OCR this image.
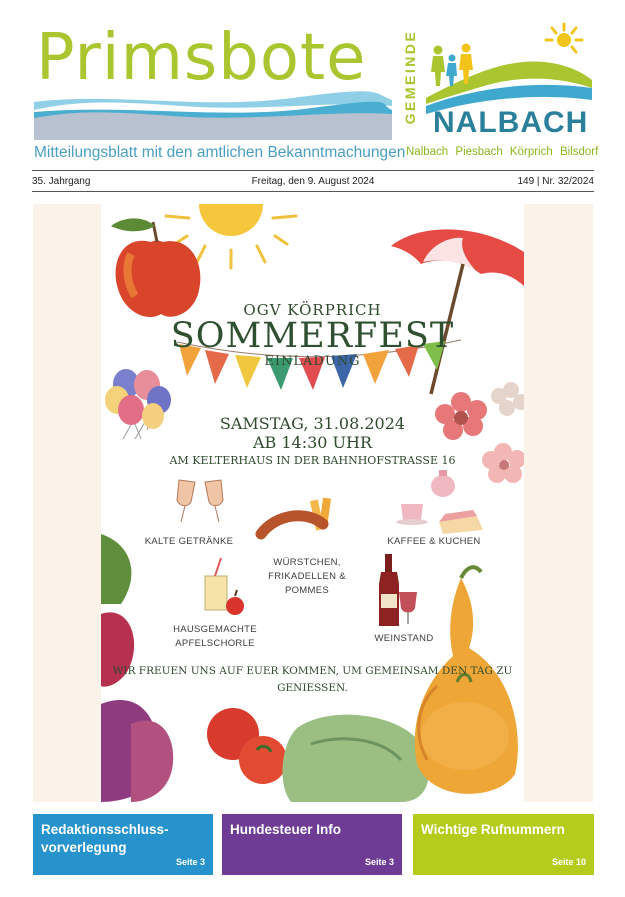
Primsbote
Mitteilungsblatt mit den amtlichen Bekanntmachungen
GEMEINDE NALBACH
Nalbach Piesbach Körprich Bilsdorf
35. Jahrgang	Freitag, den 9. August 2024	149 | Nr. 32/2024
OGV KÖRPRICH
SOMMERFEST
EINLADUNG
SAMSTAG, 31.08.2024
AB 14:30 UHR
AM KELTERHAUS IN DER BAHNHOFSTRASSE 16
KALTE GETRÄNKE
WÜRSTCHEN, FRIKADELLEN & POMMES
KAFFEE & KUCHEN
HAUSGEMACHTE APFELSCHORLE	WEINSTAND
WIR FREUEN UNS AUF EUER KOMMEN, UM GEMEINSAM DEN TAG ZU GENIESSEN.
Redaktionsschluss-vorverlegung
Seite 3
Hundesteuer Info
Seite 3
Wichtige Rufnummern
Seite 10
